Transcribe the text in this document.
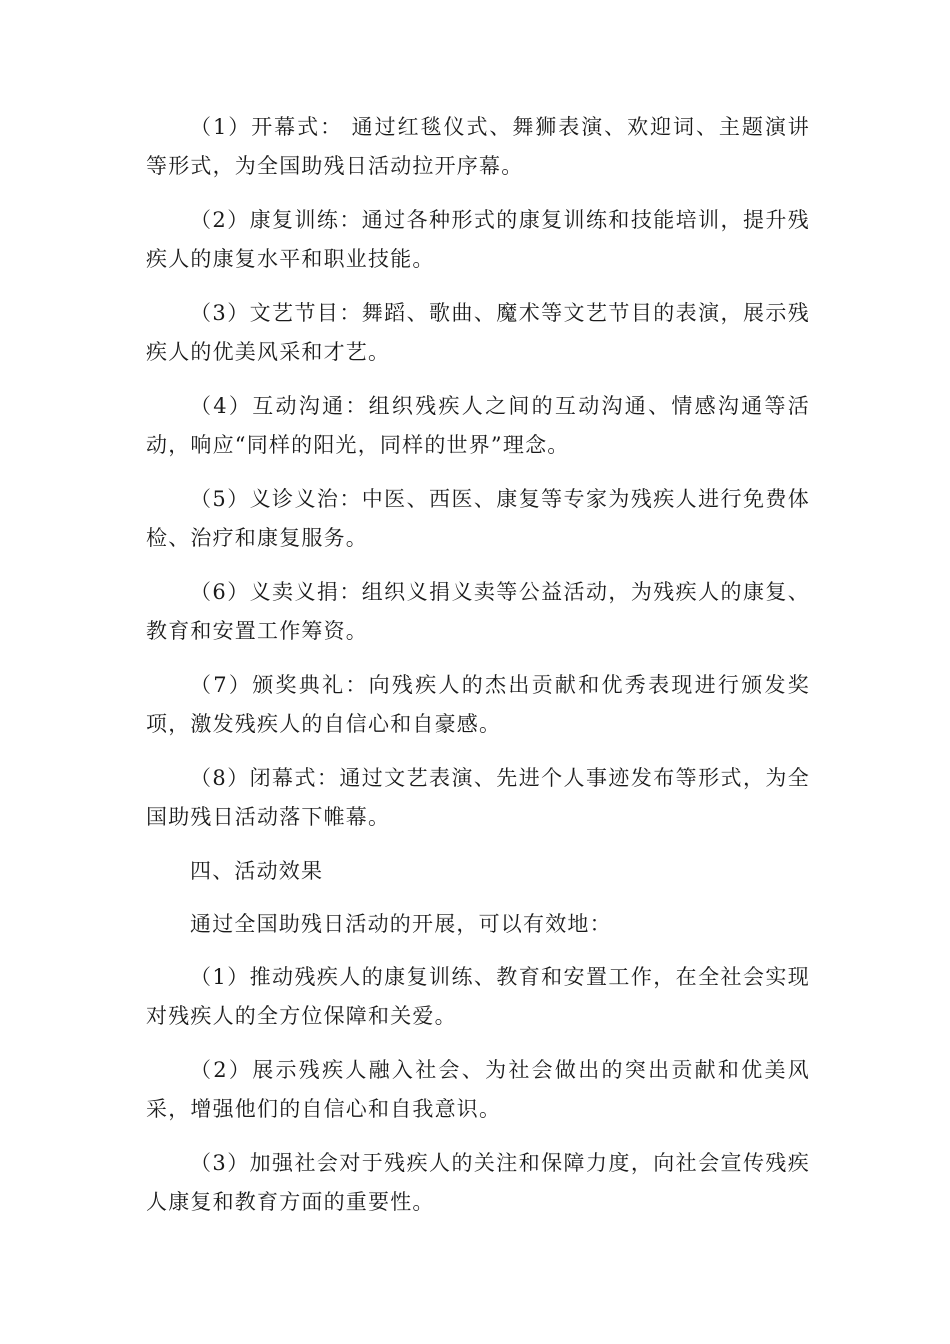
（1）开幕式： 通过红毯仪式、舞狮表演、欢迎词、主题演讲等形式，为全国助残日活动拉开序幕。

（2）康复训练：通过各种形式的康复训练和技能培训，提升残疾人的康复水平和职业技能。

（3）文艺节目：舞蹈、歌曲、魔术等文艺节目的表演，展示残疾人的优美风采和才艺。

（4）互动沟通：组织残疾人之间的互动沟通、情感沟通等活动，响应“同样的阳光，同样的世界”理念。

（5）义诊义治：中医、西医、康复等专家为残疾人进行免费体检、治疗和康复服务。

（6）义卖义捐：组织义捐义卖等公益活动，为残疾人的康复、教育和安置工作筹资。

（7）颁奖典礼：向残疾人的杰出贡献和优秀表现进行颁发奖项，激发残疾人的自信心和自豪感。

（8）闭幕式：通过文艺表演、先进个人事迹发布等形式，为全国助残日活动落下帷幕。

四、活动效果

通过全国助残日活动的开展，可以有效地：

（1）推动残疾人的康复训练、教育和安置工作，在全社会实现对残疾人的全方位保障和关爱。

（2）展示残疾人融入社会、为社会做出的突出贡献和优美风采，增强他们的自信心和自我意识。

（3）加强社会对于残疾人的关注和保障力度，向社会宣传残疾人康复和教育方面的重要性。
